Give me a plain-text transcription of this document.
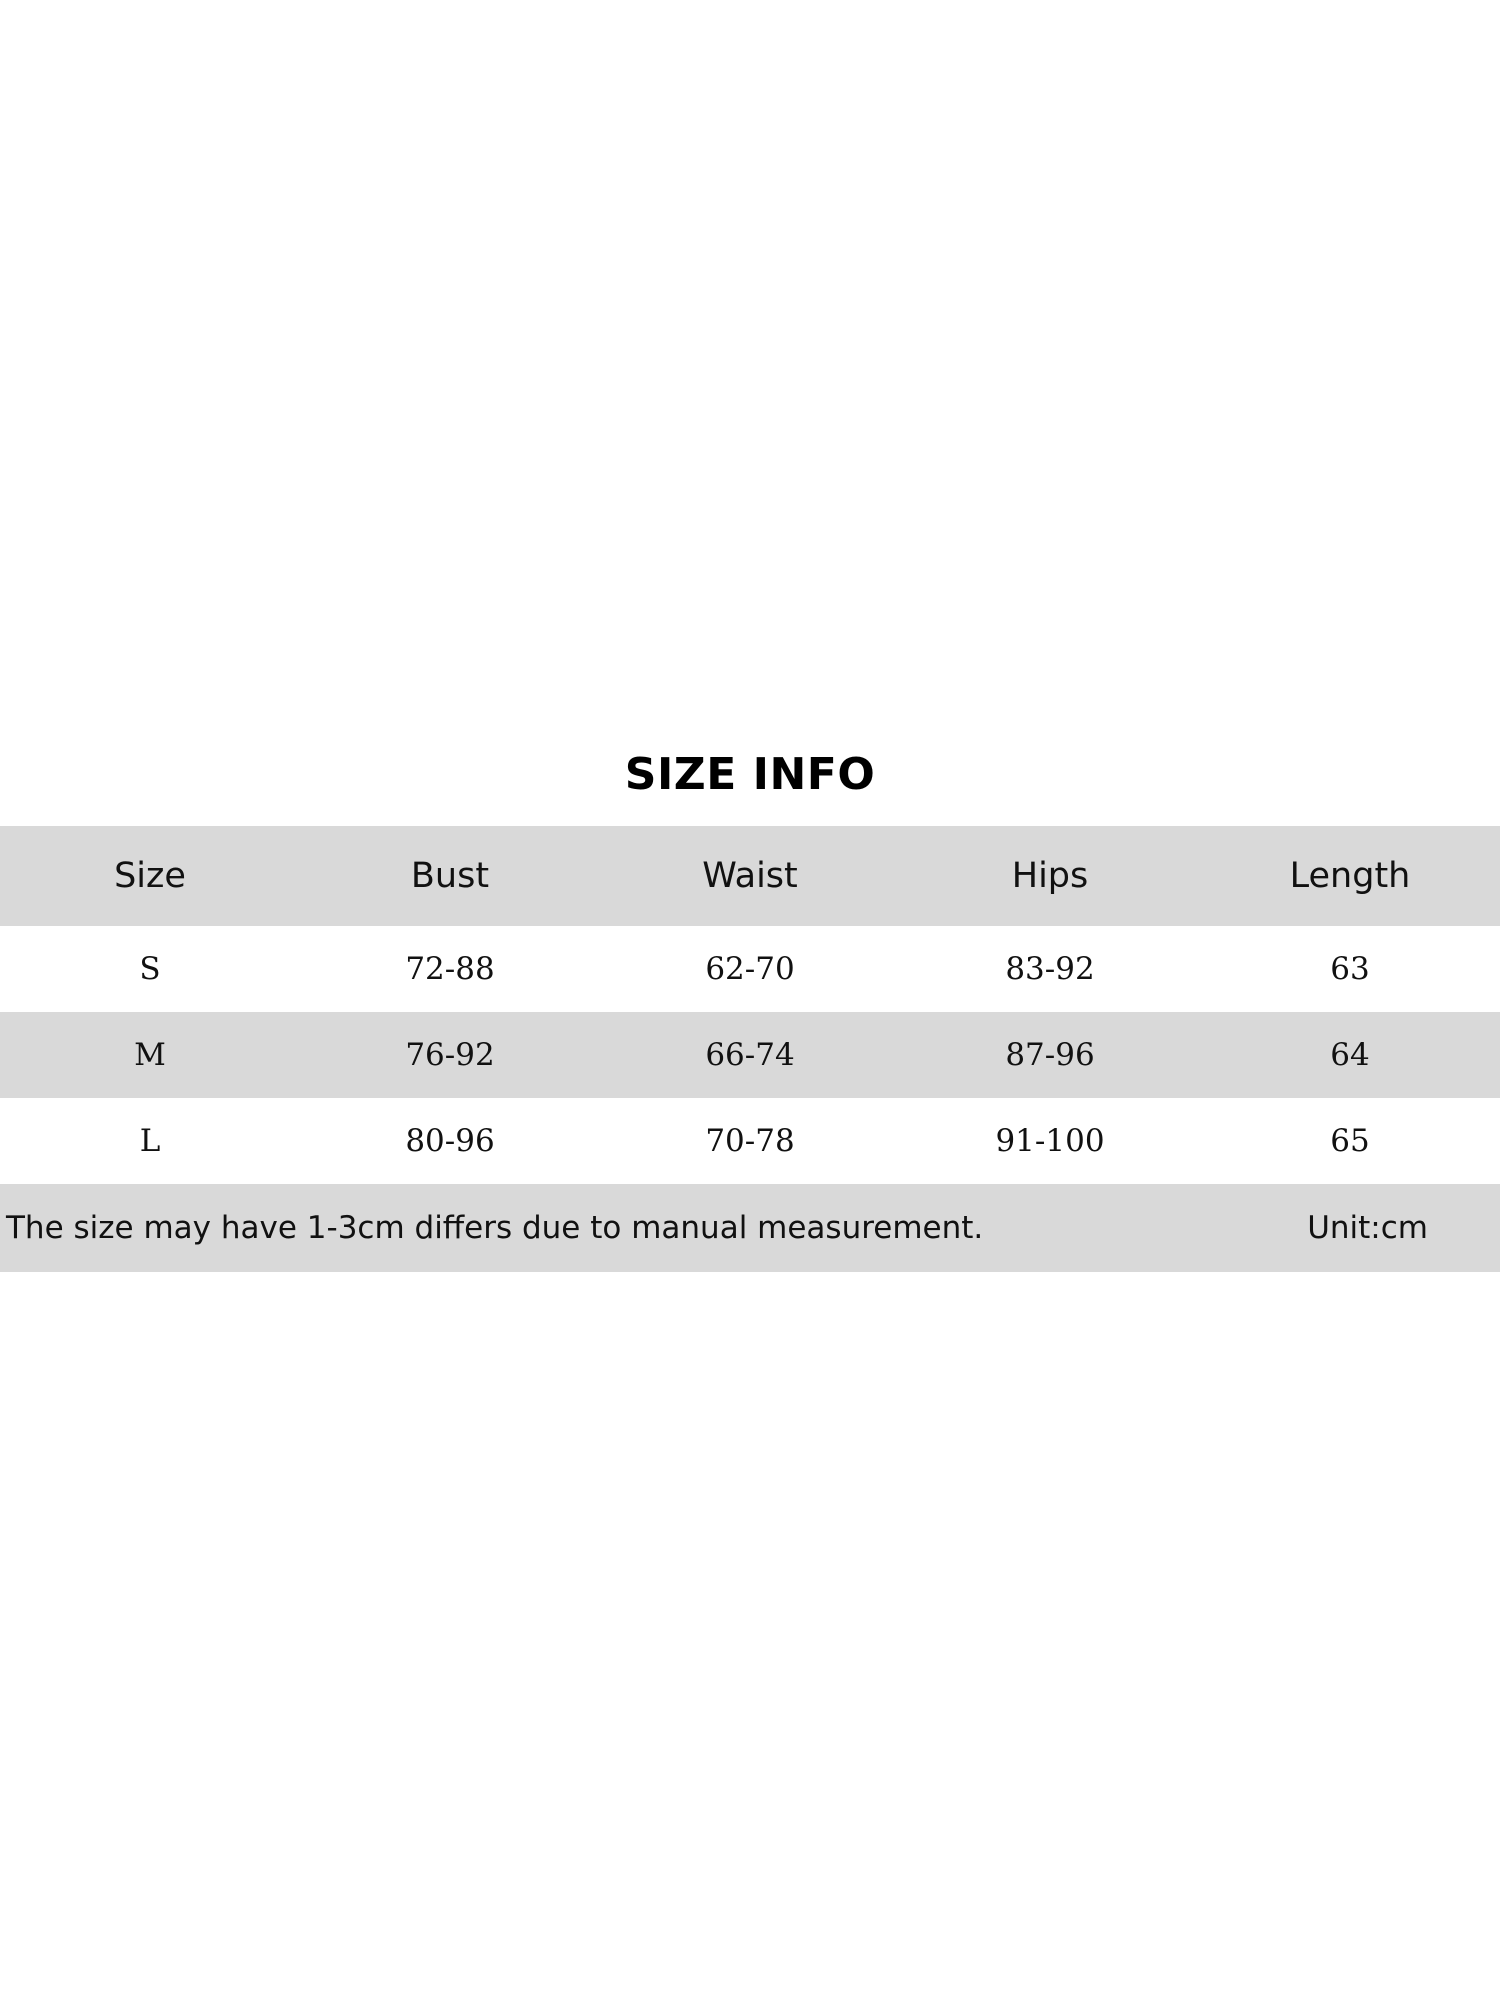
SIZE INFO
Size	Bust	Waist	Hips	Length
S	72-88	62-70	83-92	63
M	76-92	66-74	87-96	64
L	80-96	70-78	91-100	65
The size may have 1-3cm differs due to manual measurement.	Unit:cm
